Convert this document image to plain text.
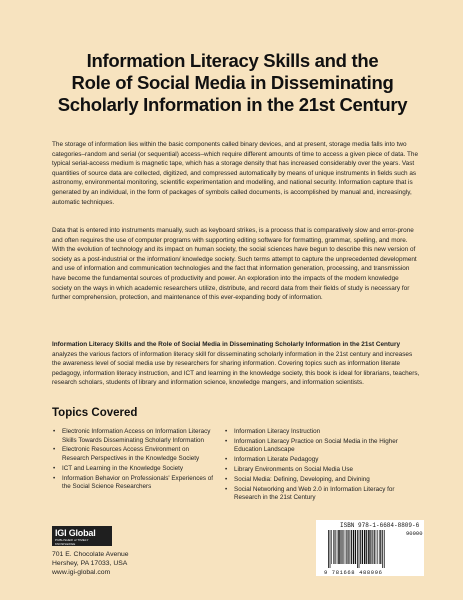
Information Literacy Skills and the
Role of Social Media in Disseminating
Scholarly Information in the 21st Century
The storage of information lies within the basic components called binary devices, and at present, storage media falls into two categories–random and serial (or sequential) access–which require different amounts of time to access a given piece of data. The typical serial-access medium is magnetic tape, which has a storage density that has increased considerably over the years. Vast quantities of source data are collected, digitized, and compressed automatically by means of unique instruments in fields such as astronomy, environmental monitoring, scientific experimentation and modelling, and national security. Information capture that is generated by an individual, in the form of packages of symbols called documents, is accomplished by manual and, increasingly, automatic techniques.
Data that is entered into instruments manually, such as keyboard strikes, is a process that is comparatively slow and error-prone and often requires the use of computer programs with supporting editing software for formatting, grammar, spelling, and more. With the evolution of technology and its impact on human society, the social sciences have begun to describe this new version of society as a post-industrial or the information/ knowledge society. Such terms attempt to capture the unprecedented development and use of information and communication technologies and the fact that information generation, processing, and transmission have become the fundamental sources of productivity and power. An exploration into the impacts of the modern knowledge society on the ways in which academic researchers utilize, distribute, and record data from their fields of study is necessary for further comprehension, protection, and maintenance of this ever-expanding body of information.
Information Literacy Skills and the Role of Social Media in Disseminating Scholarly Information in the 21st Century analyzes the various factors of information literacy skill for disseminating scholarly information in the 21st century and increases the awareness level of social media use by researchers for sharing information. Covering topics such as information literate pedagogy, information literacy instruction, and ICT and learning in the knowledge society, this book is ideal for librarians, teachers, research scholars, students of library and information science, knowledge mangers, and information scientists.
Topics Covered
• Electronic Information Access on Information Literacy Skills Towards Disseminating Scholarly Information
• Electronic Resources Access Environment on Research Perspectives in the Knowledge Society
• ICT and Learning in the Knowledge Society
• Information Behavior on Professionals' Experiences of the Social Science Researchers
• Information Literacy Instruction
• Information Literacy Practice on Social Media in the Higher Education Landscape
• Information Literate Pedagogy
• Library Environments on Social Media Use
• Social Media: Defining, Developing, and Divining
• Social Networking and Web 2.0 in Information Literacy for Research in the 21st Century
IGI Global
PUBLISHER of TIMELY KNOWLEDGE
701 E. Chocolate Avenue
Hershey, PA 17033, USA
www.igi-global.com
ISBN 978-1-6684-8809-6
90000
9 781668 488096
